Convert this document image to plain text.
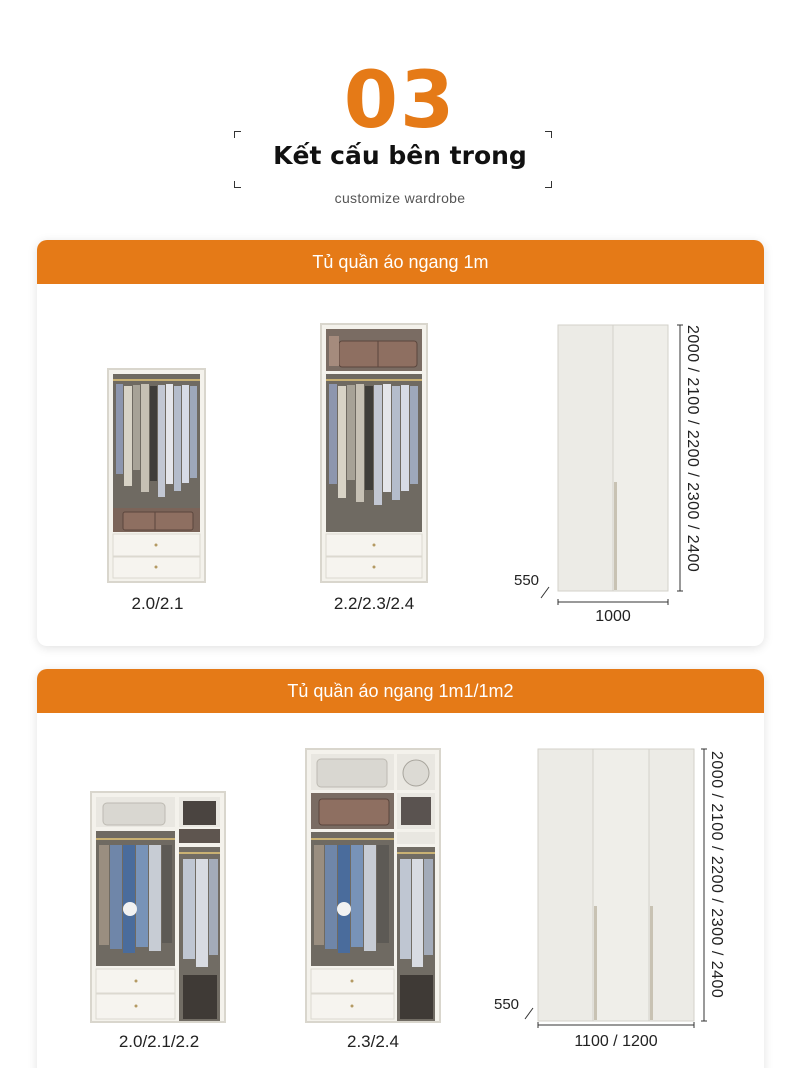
03
Kết cấu bên trong
customize wardrobe
Tủ quần áo ngang 1m
2.0/2.1	2.2/2.3/2.4
2000 / 2100 / 2200 / 2300 / 2400
550
1000
Tủ quần áo ngang 1m1/1m2
2.0/2.1/2.2	2.3/2.4
2000 / 2100 / 2200 / 2300 / 2400
550
1100 / 1200
